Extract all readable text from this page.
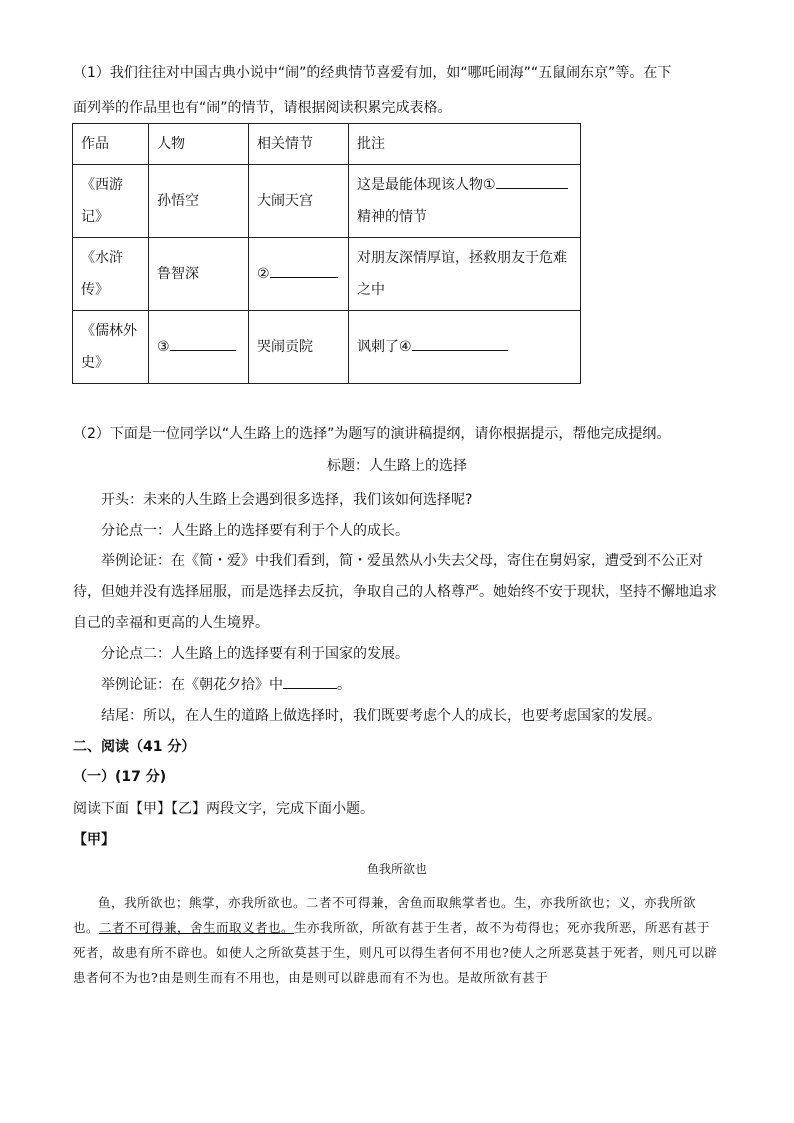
（1）我们往往对中国古典小说中“闹”的经典情节喜爱有加，如“哪吒闹海”“五鼠闹东京”等。在下
面列举的作品里也有“闹”的情节，请根据阅读积累完成表格。
作品	人物	相关情节	批注
《西游
记》	孙悟空	大闹天宫	这是最能体现该人物①
精神的情节
《水浒
传》	鲁智深	②	对朋友深情厚谊，拯救朋友于危难
之中
《儒林外
史》	③	哭闹贡院	讽刺了④
（2）下面是一位同学以“人生路上的选择”为题写的演讲稿提纲，请你根据提示，帮他完成提纲。
标题：人生路上的选择
开头：未来的人生路上会遇到很多选择，我们该如何选择呢?
分论点一：人生路上的选择要有利于个人的成长。
举例论证：在《简・爱》中我们看到，简・爱虽然从小失去父母，寄住在舅妈家，遭受到不公正对待，但她并没有选择屈服，而是选择去反抗，争取自己的人格尊严。她始终不安于现状，坚持不懈地追求自己的幸福和更高的人生境界。
分论点二：人生路上的选择要有利于国家的发展。
举例论证：在《朝花夕拾》中	。
结尾：所以，在人生的道路上做选择时，我们既要考虑个人的成长，也要考虑国家的发展。
二、阅读（41 分）
（一）(17 分)
阅读下面【甲】【乙】两段文字，完成下面小题。
【甲】
鱼我所欲也
鱼，我所欲也；熊掌，亦我所欲也。二者不可得兼，舍鱼而取熊掌者也。生，亦我所欲也；义，亦我所欲也。二者不可得兼，舍生而取义者也。生亦我所欲，所欲有甚于生者，故不为苟得也；死亦我所恶，所恶有甚于死者，故患有所不辟也。如使人之所欲莫甚于生，则凡可以得生者何不用也?使人之所恶莫甚于死者，则凡可以辟患者何不为也?由是则生而有不用也，由是则可以辟患而有不为也。是故所欲有甚于
